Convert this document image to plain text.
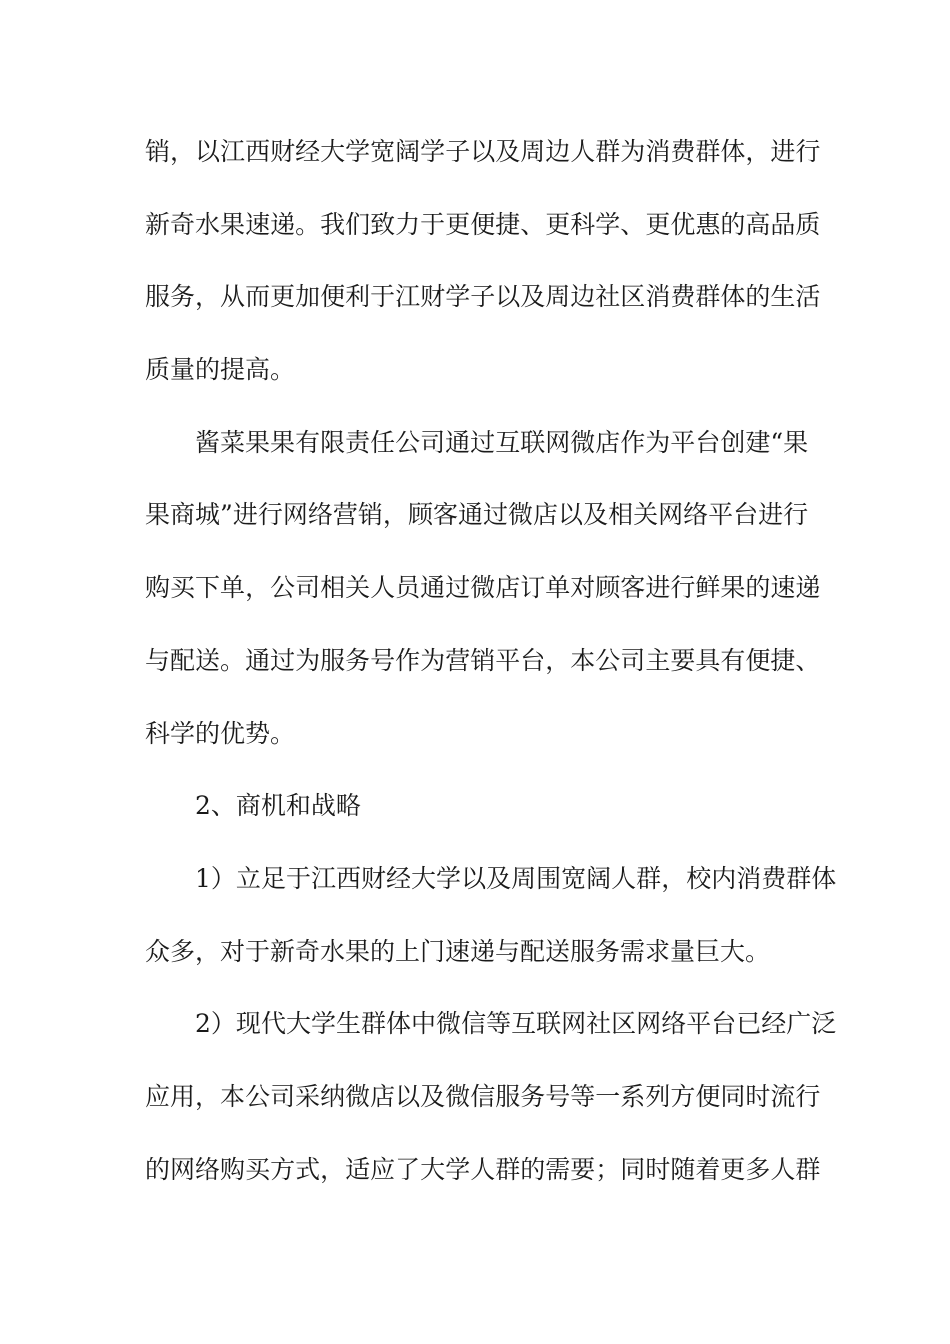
销 ， 以 江 西 财 经 大 学 宽 阔 学 子 以 及 周 边 人 群 为 消 费 群 体 ， 进 行
新 奇 水 果 速 递 。 我 们 致 力 于 更 便 捷 、 更 科 学 、 更 优 惠 的 高 品 质
服 务 ， 从 而 更 加 便 利 于 江 财 学 子 以 及 周 边 社 区 消 费 群 体 的 生 活
质量的提高。
酱 菜 果 果 有 限 责 任 公 司 通 过 互 联 网 微 店 作 为 平 台 创 建 “ 果
果 商 城 ” 进 行 网 络 营 销 ， 顾 客 通 过 微 店 以 及 相 关 网 络 平 台 进 行
购 买 下 单 ， 公 司 相 关 人 员 通 过 微 店 订 单 对 顾 客 进 行 鲜 果 的 速 递
与 配 送 。 通 过 为 服 务 号 作 为 营 销 平 台 ， 本 公 司 主 要 具 有 便 捷 、
科学的优势。
2、商机和战略
1 ） 立 足 于 江 西 财 经 大 学 以 及 周 围 宽 阔 人 群 ， 校 内 消 费 群 体
众多，对于新奇水果的上门速递与配送服务需求量巨大。
2 ） 现 代 大 学 生 群 体 中 微 信 等 互 联 网 社 区 网 络 平 台 已 经 广 泛
应 用 ， 本 公 司 采 纳 微 店 以 及 微 信 服 务 号 等 一 系 列 方 便 同 时 流 行
的 网 络 购 买 方 式 ， 适 应 了 大 学 人 群 的 需 要 ； 同 时 随 着 更 多 人 群
